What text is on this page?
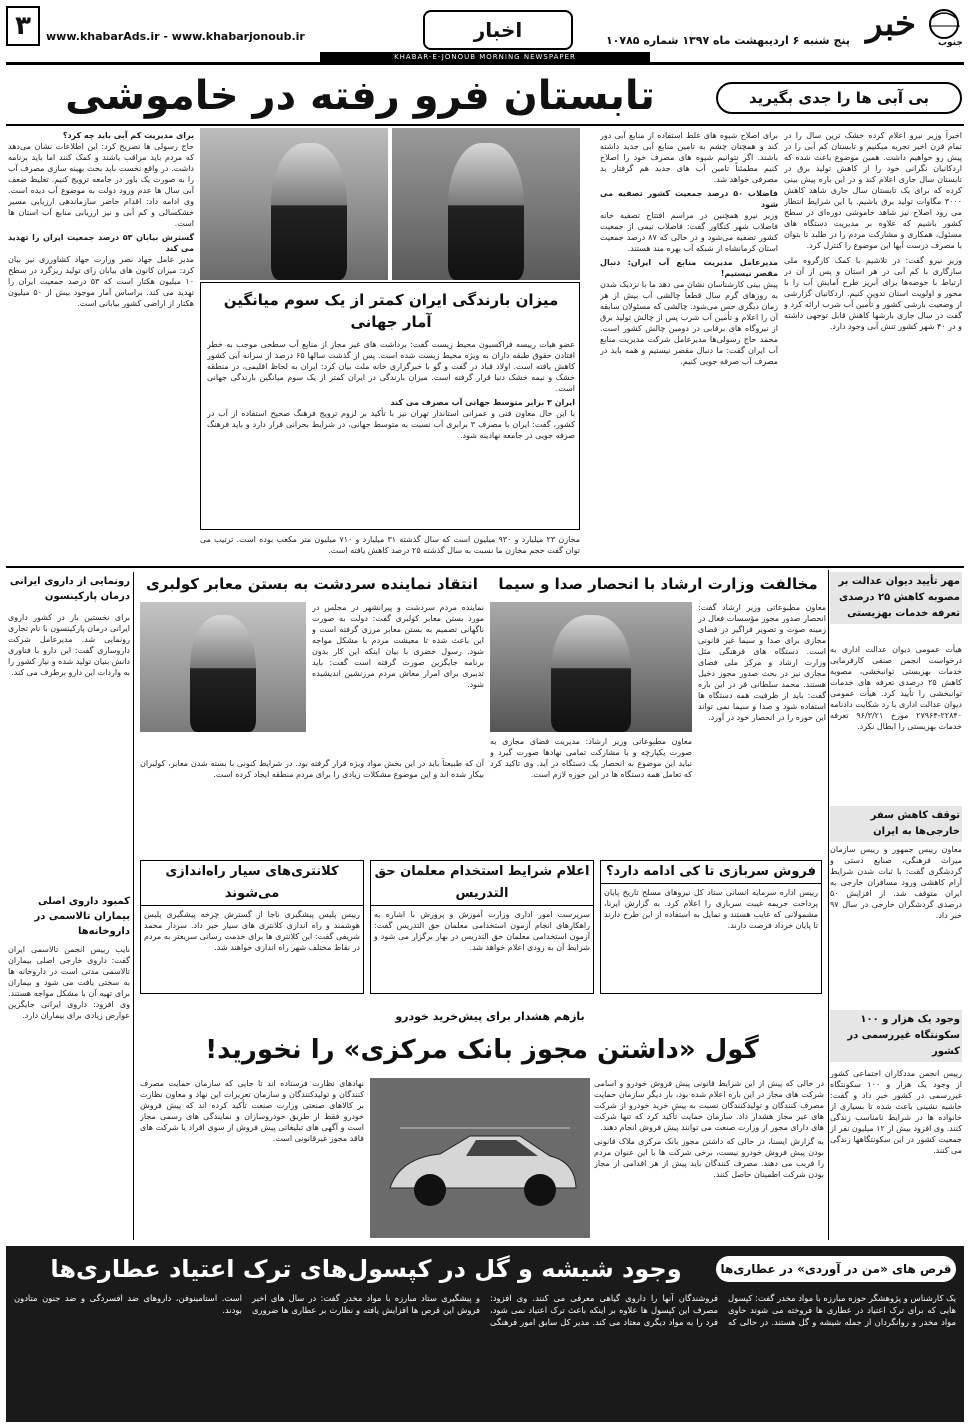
۳ www.khabarAds.ir - www.khabarjonoub.ir	اخبار	پنج شنبه ۶ اردیبهشت ماه ۱۳۹۷ شماره ۱۰۷۸۵ خبر جنوب
KHABAR-E-JONOUB MORNING NEWSPAPER
بی آبی ها را جدی بگیرید
تابستان فرو رفته در خاموشی

اخیراً وزیر نیرو اعلام کرده خشک ترین سال را در تمام قرن اخیر تجربه میکنیم و تابستان کم آبی را در پیش رو خواهیم داشت. همین موضوع باعث شده که اردکانیان نگرانی خود را از کاهش تولید برق در تابستان سال جاری اعلام کند و در این باره پیش بینی کرده که برای یک تابستان سال جاری شاهد کاهش ۳۰۰۰ مگاوات تولید برق باشیم. با این شرایط انتظار می رود اصلاح نیز شاهد خاموشی دوره‌ای در سطح کشور باشیم که علاوه بر مدیریت دستگاه های مسئول، همکاری و مشارکت مردم را در طلبد تا بتوان با مصرف درست آبها این موضوع را کنترل کرد.

وزیر نیرو گفت: در تلاشیم با کمک کارگروه ملی سازگاری با کم آبی در هر استان و پس از آن در ارتباط با حوضه‌ها برای آبریز طرح آمایش آب را با محور و اولویت استان تدوین کنیم. اردکانیان گزارشی از وضعیت بارشی کشور و تأمین آب شرب ارائه کرد و گفت در سال جاری بارشها کاهش قابل توجهی داشته و در ۴۰ شهر کشور تنش آبی وجود دارد.

برای اصلاح شیوه های غلط استفاده از منابع آبی دور کند و همچنان چشم به تامین منابع آبی جدید داشته باشند. اگر نتوانیم شیوه های مصرف خود را اصلاح کنیم مطمئناً تامین آب های جدید هم گرفتار بد مصرفی خواهد شد.

فاضلاب ۵۰ درصد جمعیت کشور تصفیه می شود

وزیر نیرو همچنین در مراسم افتتاح تصفیه خانه فاضلاب شهر کنگاور گفت: فاضلاب نیمی از جمعیت کشور تصفیه می‌شود و در حالی که ۸۷ درصد جمعیت استان کرمانشاه از شبکه آب بهره مند هستند.

مدیرعامل مدیریت منابع آب ایران: دنبال مقصر نیستیم!

پیش بینی کارشناسان نشان می دهد ما با نزدیک شدن به روزهای گرم سال قطعاً چالشی آب بیش از هر زمان دیگری حس می‌شود. چالشی که مسئولان سابقه آن را اعلام و تأمین آب شرب پس از چالش تولید برق از نیروگاه های برقابی در دومین چالش کشور است. محمد حاج رسولی‌ها مدیرعامل شرکت مدیریت منابع آب ایران گفت: ما دنبال مقصر نیستیم و همه باید در مصرف آب صرفه جویی کنیم.

برای مدیریت کم آبی باید چه کرد؟

حاج رسولی ها تصریح کرد: این اطلاعات نشان می‌دهد که مردم باید مراقب باشند و کمک کنند اما باید برنامه داشت. در واقع نخست باید بحث بهینه سازی مصرف آب را به صورت یک باور در جامعه ترویج کنیم. تغلیظ ضعف آبی سال ها عدم ورود دولت به موضوع آب دیده است. وی ادامه داد: اقدام حاضر سازماندهی ارزیابی مسیر خشکسالی و کم آبی و نیز ارزیابی منابع آب استان ها است.

گسترش بیابان ۵۳ درصد جمعیت ایران را تهدید می کند

مدیر عامل جهاد نصر وزارت جهاد کشاورزی نیز بیان کرد: میزان کانون های بیابان زای تولید ریزگرد در سطح ۱۰ میلیون هکتار است که ۵۳ درصد جمعیت ایران را تهدید می کند. براساس آمار موجود بیش از ۵۰ میلیون هکتار از اراضی کشور بیابانی است. میزان بارندگی ایران کمتر از یک سوم میانگین آمار جهانی

عضو هیات رییسه فراکسیون محیط زیست گفت: برداشت های غیر مجاز از منابع آب سطحی موجب به خطر افتادن حقوق طبقه داران به ویژه محیط زیست شده است. پس از گذشت سالها ۶۵ درصد از سرانه آبی کشور کاهش یافته است. اولاد قباد در گفت و گو با خبرگزاری خانه ملت بیان کرد: ایران به لحاظ اقلیمی، در منطقه خشک و نیمه خشک دنیا قرار گرفته است. میزان بارندگی در ایران کمتر از یک سوم میانگین بارندگی جهانی است.

ایران ۳ برابر متوسط جهانی آب مصرف می کند

با این حال معاون فنی و عمرانی استاندار تهران نیز با تأکید بر لزوم ترویج فرهنگ صحیح استفاده از آب در کشور، گفت: ایران با مصرف ۳ برابری آب نسبت به متوسط جهانی، در شرایط بحرانی قرار دارد و باید فرهنگ صرفه جویی در جامعه نهادینه شود.

مخازن ۲۳ میلیارد و ۹۳۰ میلیون است که سال گذشته ۳۱ میلیارد و ۷۱۰ میلیون متر مکعب بوده است. ترتیب می توان گفت حجم مخازن ما نسبت به سال گذشته ۲۵ درصد کاهش یافته است.
مهر تأیید دیوان عدالت بر مصوبه کاهش ۲۵ درصدی تعرفه خدمات بهزیستی
هیأت عمومی دیوان عدالت اداری به درخواست انجمن صنفی کارفرمایی خدمات بهزیستی توانبخشی، مصوبه کاهش ۲۵ درصدی تعرفه های خدمات توانبخشی را تأیید کرد. هیأت عمومی دیوان عدالت اداری با رد شکایت دادنامه ۲۲۸۴۰-۲۷۹۶۴ مورخ ۹۶/۳/۲۱ تعرفه خدمات بهزیستی را ابطال نکرد.
توقف کاهش سفر خارجی‌ها به ایران
معاون رییس جمهور و رییس سازمان میراث فرهنگی، صنایع دستی و گردشگری گفت: با ثبات شدن شرایط آرام کاهشی ورود مسافران خارجی به ایران متوقف شد. از افزایش ۵۰ درصدی گردشگران خارجی در سال ۹۷ خبر داد.
وجود یک هزار و ۱۰۰ سکونتگاه غیررسمی در کشور
رییس انجمن مددکاران اجتماعی کشور از وجود یک هزار و ۱۰۰ سکونتگاه غیررسمی در کشور خبر داد و گفت: حاشیه نشینی باعث شده تا بسیاری از خانواده ها در شرایط نامناسب زندگی کنند. وی افزود بیش از ۱۲ میلیون نفر از جمعیت کشور در این سکونتگاهها زندگی می کنند.
مخالفت وزارت ارشاد با انحصار صدا و سیما
معاون مطبوعاتی وزیر ارشاد گفت: انحصار صدور مجوز مؤسسات فعال در زمینه صوت و تصویر فراگیر در فضای مجازی برای صدا و سیما غیر قانونی است. دستگاه های فرهنگی مثل وزارت ارشاد و مرکز ملی فضای مجازی نیز در بحث صدور مجوز دخیل هستند. محمد سلطانی فر در این باره گفت: باید از ظرفیت همه دستگاه ها استفاده شود و صدا و سیما نمی تواند این حوزه را در انحصار خود در آورد.
معاون مطبوعاتی وزیر ارشاد: مدیریت فضای مجازی به صورت یکپارچه و با مشارکت تمامی نهادها صورت گیرد و نباید این موضوع به انحصار یک دستگاه در آید. وی تاکید کرد که تعامل همه دستگاه ها در این حوزه لازم است.
انتقاد نماینده سردشت به بستن معابر کولبری
نماینده مردم سردشت و پیرانشهر در مجلس در مورد بستن معابر کولبری گفت: دولت به صورت ناگهانی تصمیم به بستن معابر مرزی گرفته است و این باعث شده تا معیشت مردم با مشکل مواجه شود. رسول خضری با بیان اینکه این کار بدون برنامه جایگزین صورت گرفته است گفت: باید تدبیری برای امرار معاش مردم مرزنشین اندیشیده شود.
آن که طبیعتاً باید در این بخش مواد ویژه قرار گرفته بود. در شرایط کنونی با بسته شدن معابر، کولبران بیکار شده اند و این موضوع مشکلات زیادی را برای مردم منطقه ایجاد کرده است.
رونمایی از داروی ایرانی درمان پارکینسون
برای نخستین بار در کشور داروی ایرانی درمان پارکینسون با نام تجاری رونمایی شد. مدیرعامل شرکت داروسازی گفت: این دارو با فناوری دانش بنیان تولید شده و نیاز کشور را به واردات این دارو برطرف می کند.
کمبود داروی اصلی بیماران تالاسمی در داروخانه‌ها
نایب رییس انجمن تالاسمی ایران گفت: داروی خارجی اصلی بیماران تالاسمی مدتی است در داروخانه ها به سختی یافت می شود و بیماران برای تهیه آن با مشکل مواجه هستند. وی افزود: داروی ایرانی جایگزین عوارض زیادی برای بیماران دارد.
فروش سربازی تا کی ادامه دارد؟
رییس اداره سرمایه انسانی ستاد کل نیروهای مسلح تاریخ پایان پرداخت جریمه غیبت سربازی را اعلام کرد. به گزارش ایرنا، مشمولانی که غایب هستند و تمایل به استفاده از این طرح دارند تا پایان خرداد فرصت دارند.
اعلام شرایط استخدام معلمان حق التدریس
سرپرست امور اداری وزارت آموزش و پرورش با اشاره به راهکارهای انجام آزمون استخدامی معلمان حق التدریس گفت: آزمون استخدامی معلمان حق التدریس در بهار برگزار می شود و شرایط آن به زودی اعلام خواهد شد.
کلانتری‌های سیار راه‌اندازی می‌شوند
رییس پلیس پیشگیری ناجا از گسترش چرخه پیشگیری پلیس هوشمند و راه اندازی کلانتری های سیار خبر داد. سردار محمد شریفی گفت: این کلانتری ها برای خدمت رسانی سریعتر به مردم در نقاط مختلف شهر راه اندازی خواهند شد.
بازهم هشدار برای پیش‌خرید خودرو
گول «داشتن مجوز بانک مرکزی» را نخورید!

در حالی که پیش از این شرایط قانونی پیش فروش خودرو و اسامی شرکت های مجاز در این باره اعلام شده بود، بار دیگر سازمان حمایت مصرف کنندگان و تولیدکنندگان نسبت به پیش خرید خودرو از شرکت های غیر مجاز هشدار داد. سازمان حمایت تأکید کرد که تنها شرکت های دارای مجوز از وزارت صنعت می توانند پیش فروش انجام دهند.

به گزارش ایسنا، در حالی که داشتن مجوز بانک مرکزی ملاک قانونی بودن پیش فروش خودرو نیست، برخی شرکت ها با این عنوان مردم را فریب می دهند. مصرف کنندگان باید پیش از هر اقدامی از مجاز بودن شرکت اطمینان حاصل کنند.

نهادهای نظارت فرستاده اند تا جایی که سازمان حمایت مصرف کنندگان و تولیدکنندگان و سازمان تعزیرات این نهاد و معاون نظارت بر کالاهای صنعتی وزارت صنعت تأکید کرده اند که پیش فروش خودرو فقط از طریق خودروسازان و نمایندگی های رسمی مجاز است و آگهی های تبلیغاتی پیش فروش از سوی افراد یا شرکت های فاقد مجوز غیرقانونی است.
قرص های «من در آوردی» در عطاری‌ها
وجود شیشه و گل در کپسول‌های ترک اعتیاد عطاری‌ها
یک کارشناس و پژوهشگر حوزه مبارزه با مواد مخدر گفت: کپسول هایی که برای ترک اعتیاد در عطاری ها فروخته می شوند حاوی مواد مخدر و روانگردان از جمله شیشه و گل هستند. در حالی که فروشندگان آنها را داروی گیاهی معرفی می کنند. وی افزود: مصرف این کپسول ها علاوه بر اینکه باعث ترک اعتیاد نمی شود، فرد را به مواد دیگری معتاد می کند. مدیر کل سابق امور فرهنگی و پیشگیری ستاد مبارزه با مواد مخدر گفت: در سال های اخیر فروش این قرص ها افزایش یافته و نظارت بر عطاری ها ضروری است. استامینوفن، داروهای ضد افسردگی و ضد جنون متادون بودند.
